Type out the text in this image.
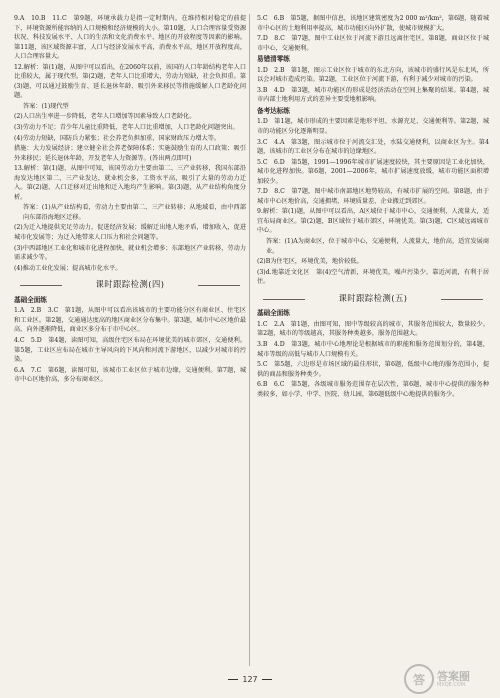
9.A　10.B　11.C　第9题，环境承载力是指一定时期内，在维持相对稳定的前提下，环境资源所能容纳的人口规模和经济规模的大小。第10题，人口合理容量受资源状况、科技发展水平、人口的生活和文化消费水平、地区的开放程度等因素的影响。第11题，该区域资源丰富，人口与经济发展水平高，消费水平高，地区开放程度高，人口合理容量大。
12.解析：第(1)题，从图中可以看出，在2060年以前，该国的人口年龄结构老年人口比重较大，属于现代型。第(2)题，老年人口比重增大，劳动力短缺，社会负担重。第(3)题，可以通过鼓励生育、延长退休年龄、吸引外来移民等措施缓解人口老龄化问题。
答案：(1)现代型
(2)人口出生率进一步降低，老年人口增加等因素导致人口老龄化。
(3)劳动力不足；青少年儿童比重降低，老年人口比重增加，人口老龄化问题突出。
(4)劳动力短缺，国防兵力紧张；社会养老负担加重，国家财政压力增大等。
措施：大力发展经济；建立健全社会养老保障体系；实施鼓励生育的人口政策；吸引外来移民；延长退休年龄，开发老年人力资源等。(答出两点即可)
13.解析：第(1)题，从图中可知，该国劳动力主要由第二、三产业转移，我国东部沿海发达地区第二、三产业发达，就业机会多，工资水平高，吸引了大量的劳动力迁入。第(2)题，人口迁移对迁出地和迁入地均产生影响。第(3)题，从产业结构角度分析。
答案：(1)从产业结构看，劳动力主要由第二、三产业转移；从地域看，由中西部向东部沿海地区迁移。
(2)为迁入地提供充足劳动力，促进经济发展；缓解迁出地人地矛盾，增加收入，促进城市化发展等；为迁入地带来人口压力和社会问题等。
(3)中西部地区工业化和城市化进程加快，就业机会增多；东部地区产业转移，劳动力需求减少等。
(4)推动工业化发展；提高城市化水平。
课时跟踪检测(四)
基础全面练
1.A　2.B　3.C　第1题，从图中可以看出该城市的主要功能分区有商业区、住宅区和工业区。第2题，交通通达度高的地区商业区分布集中。第3题，城市中心区地价最高，向外逐渐降低，商业区多分布于市中心区。
4.C　5.D　第4题，读图可知，高级住宅区布局在环境优美的城市郊区，交通便利。第5题，工业区应布局在城市主导风向的下风向和河流下游地区，以减少对城市的污染。
6.A　7.C　第6题，读图可知，该城市工业区位于城市边缘，交通便利。第7题，城市中心区地价高，多分布商业区。
5.C　6.B　第5题，据图中信息，该地区建筑密度为2 000 m²/km²，第6题，随着城市中心区的土地利用率提高，城市功能区向外扩散，使城市规模扩大。
7.D　8.C　第7题，图中工业区位于河流下游且远离住宅区，第8题，商业区位于城市中心，交通便利。
易错清零练
1.D　2.B　第1题，图示工业区位于城市的东北方向，该城市的盛行风是东北风，所以会对城市造成污染。第2题，工业区位于河流下游，有利于减少对城市的污染。
3.B　4.D　第3题，城市功能区的形成是经济活动在空间上集聚的结果。第4题，城市内部土地利用方式的差异主要受地租影响。
备考达标练
1.D　第1题，城市形成的主要因素是地形平坦、水源充足、交通便利等。第2题，城市的功能区分化逐渐明显。
3.C　4.A　第3题，图示城市位于河流交汇处，水陆交通便利，以商业区为主。第4题，该城市的工业区分布在城市的边缘地区。
5.C　6.D　第5题，1991—1996年城市扩展速度较快，其主要原因是工业化加快，城市化进程加快。第6题，2001—2006年，城市扩展速度放缓，城市功能区面积增加较少。
7.D　8.C　第7题，图中城市南部地区地势较高，有城市扩展的空间。第8题，由于城市中心区地价高，交通拥堵，环境质量差，企业搬迁到郊区。
9.解析：第(1)题，从图中可以看出，A区域位于城市中心，交通便利，人流量大，适宜布局商业区。第(2)题，B区域位于城市郊区，环境优美。第(3)题，C区域远离城市中心。
答案：(1)A为商业区，位于城市中心，交通便利，人流量大，地价高，适宜发展商业。
(2)B为住宅区，环境优美，地价较低。
(3)d.地靠近文化区　第(4)空气清新，环境优美，噪声污染少，靠近河流，有利于居住。
课时跟踪检测(五)
基础全面练
1.C　2.A　第1题，由图可知，图中等级较高的城市，其服务范围较大，数量较少。第2题，城市的等级越高，其服务种类越多，服务范围越大。
3.B　4.D　第3题，城市中心地理论是根据城市的职能和服务范围划分的，第4题，城市等级的高低与城市人口规模有关。
5.C　第5题，六边形是市场区域的最佳形状，第6题，低级中心地的服务范围小，提供的商品和服务种类少。
6.B　6.C　第5题，各级城市服务范围存在层次性，第6题，城市中心提供的服务种类较多，如小学、中学、医院、幼儿园，第6题低级中心地提供的服务少。
127	答	答案圈
MXQE.COM
